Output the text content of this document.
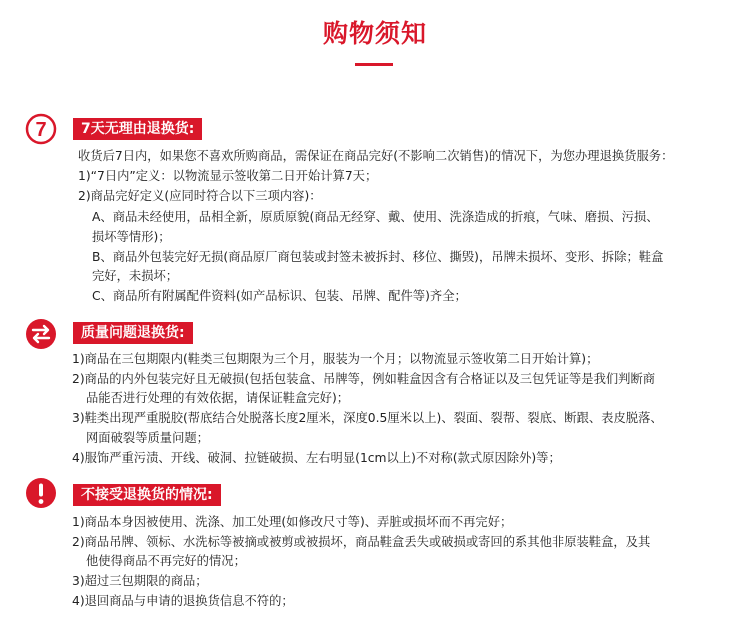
购物须知
7	7天无理由退换货:
收货后7日内，如果您不喜欢所购商品，需保证在商品完好(不影响二次销售)的情况下，为您办理退换货服务：
1)“7日内”定义：以物流显示签收第二日开始计算7天；
2)商品完好定义(应同时符合以下三项内容)：
A、商品未经使用，品相全新，原质原貌(商品无经穿、戴、使用、洗涤造成的折痕，气味、磨损、污损、
损坏等情形)；
B、商品外包装完好无损(商品原厂商包装或封签未被拆封、移位、撕毁)，吊牌未损坏、变形、拆除；鞋盒
完好，未损坏；
C、商品所有附属配件资料(如产品标识、包装、吊牌、配件等)齐全；
质量问题退换货:
1)商品在三包期限内(鞋类三包期限为三个月，服装为一个月；以物流显示签收第二日开始计算)；
2)商品的内外包装完好且无破损(包括包装盒、吊牌等，例如鞋盒因含有合格证以及三包凭证等是我们判断商
品能否进行处理的有效依据，请保证鞋盒完好)；
3)鞋类出现严重脱胶(帮底结合处脱落长度2厘米，深度0.5厘米以上)、裂面、裂帮、裂底、断跟、表皮脱落、
网面破裂等质量问题；
4)服饰严重污渍、开线、破洞、拉链破损、左右明显(1cm以上)不对称(款式原因除外)等；
不接受退换货的情况:
1)商品本身因被使用、洗涤、加工处理(如修改尺寸等)、弄脏或损坏而不再完好；
2)商品吊牌、领标、水洗标等被摘或被剪或被损坏，商品鞋盒丢失或破损或寄回的系其他非原装鞋盒，及其
他使得商品不再完好的情况；
3)超过三包期限的商品；
4)退回商品与申请的退换货信息不符的；
